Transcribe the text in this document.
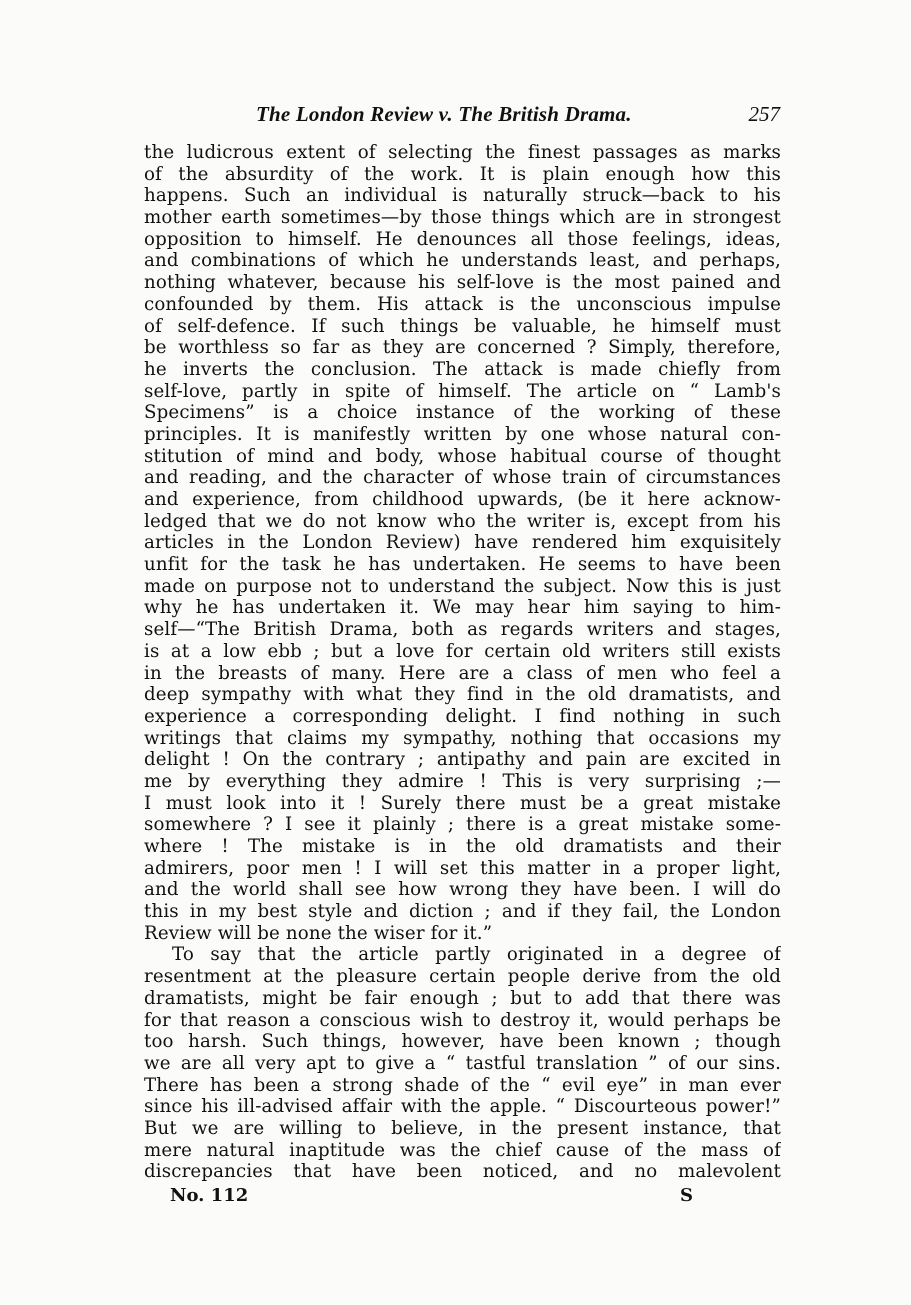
The London Review v. The British Drama.	257
the ludicrous extent of selecting the finest passages as marks
of the absurdity of the work. It is plain enough how this
happens. Such an individual is naturally struck—back to his
mother earth sometimes—by those things which are in strongest
opposition to himself. He denounces all those feelings, ideas,
and combinations of which he understands least, and perhaps,
nothing whatever, because his self-love is the most pained and
confounded by them. His attack is the unconscious impulse
of self-defence. If such things be valuable, he himself must
be worthless so far as they are concerned ? Simply, therefore,
he inverts the conclusion. The attack is made chiefly from
self-love, partly in spite of himself. The article on “ Lamb's
Specimens” is a choice instance of the working of these
principles. It is manifestly written by one whose natural con-
stitution of mind and body, whose habitual course of thought
and reading, and the character of whose train of circumstances
and experience, from childhood upwards, (be it here acknow-
ledged that we do not know who the writer is, except from his
articles in the London Review) have rendered him exquisitely
unfit for the task he has undertaken. He seems to have been
made on purpose not to understand the subject. Now this is just
why he has undertaken it. We may hear him saying to him-
self—“The British Drama, both as regards writers and stages,
is at a low ebb ; but a love for certain old writers still exists
in the breasts of many. Here are a class of men who feel a
deep sympathy with what they find in the old dramatists, and
experience a corresponding delight. I find nothing in such
writings that claims my sympathy, nothing that occasions my
delight ! On the contrary ; antipathy and pain are excited in
me by everything they admire ! This is very surprising ;—
I must look into it ! Surely there must be a great mistake
somewhere ? I see it plainly ; there is a great mistake some-
where ! The mistake is in the old dramatists and their
admirers, poor men ! I will set this matter in a proper light,
and the world shall see how wrong they have been. I will do
this in my best style and diction ; and if they fail, the London
Review will be none the wiser for it.”
To say that the article partly originated in a degree of
resentment at the pleasure certain people derive from the old
dramatists, might be fair enough ; but to add that there was
for that reason a conscious wish to destroy it, would perhaps be
too harsh. Such things, however, have been known ; though
we are all very apt to give a “ tastful translation ” of our sins.
There has been a strong shade of the “ evil eye” in man ever
since his ill-advised affair with the apple. “ Discourteous power!”
But we are willing to believe, in the present instance, that
mere natural inaptitude was the chief cause of the mass of
discrepancies that have been noticed, and no malevolent
No. 112	S
